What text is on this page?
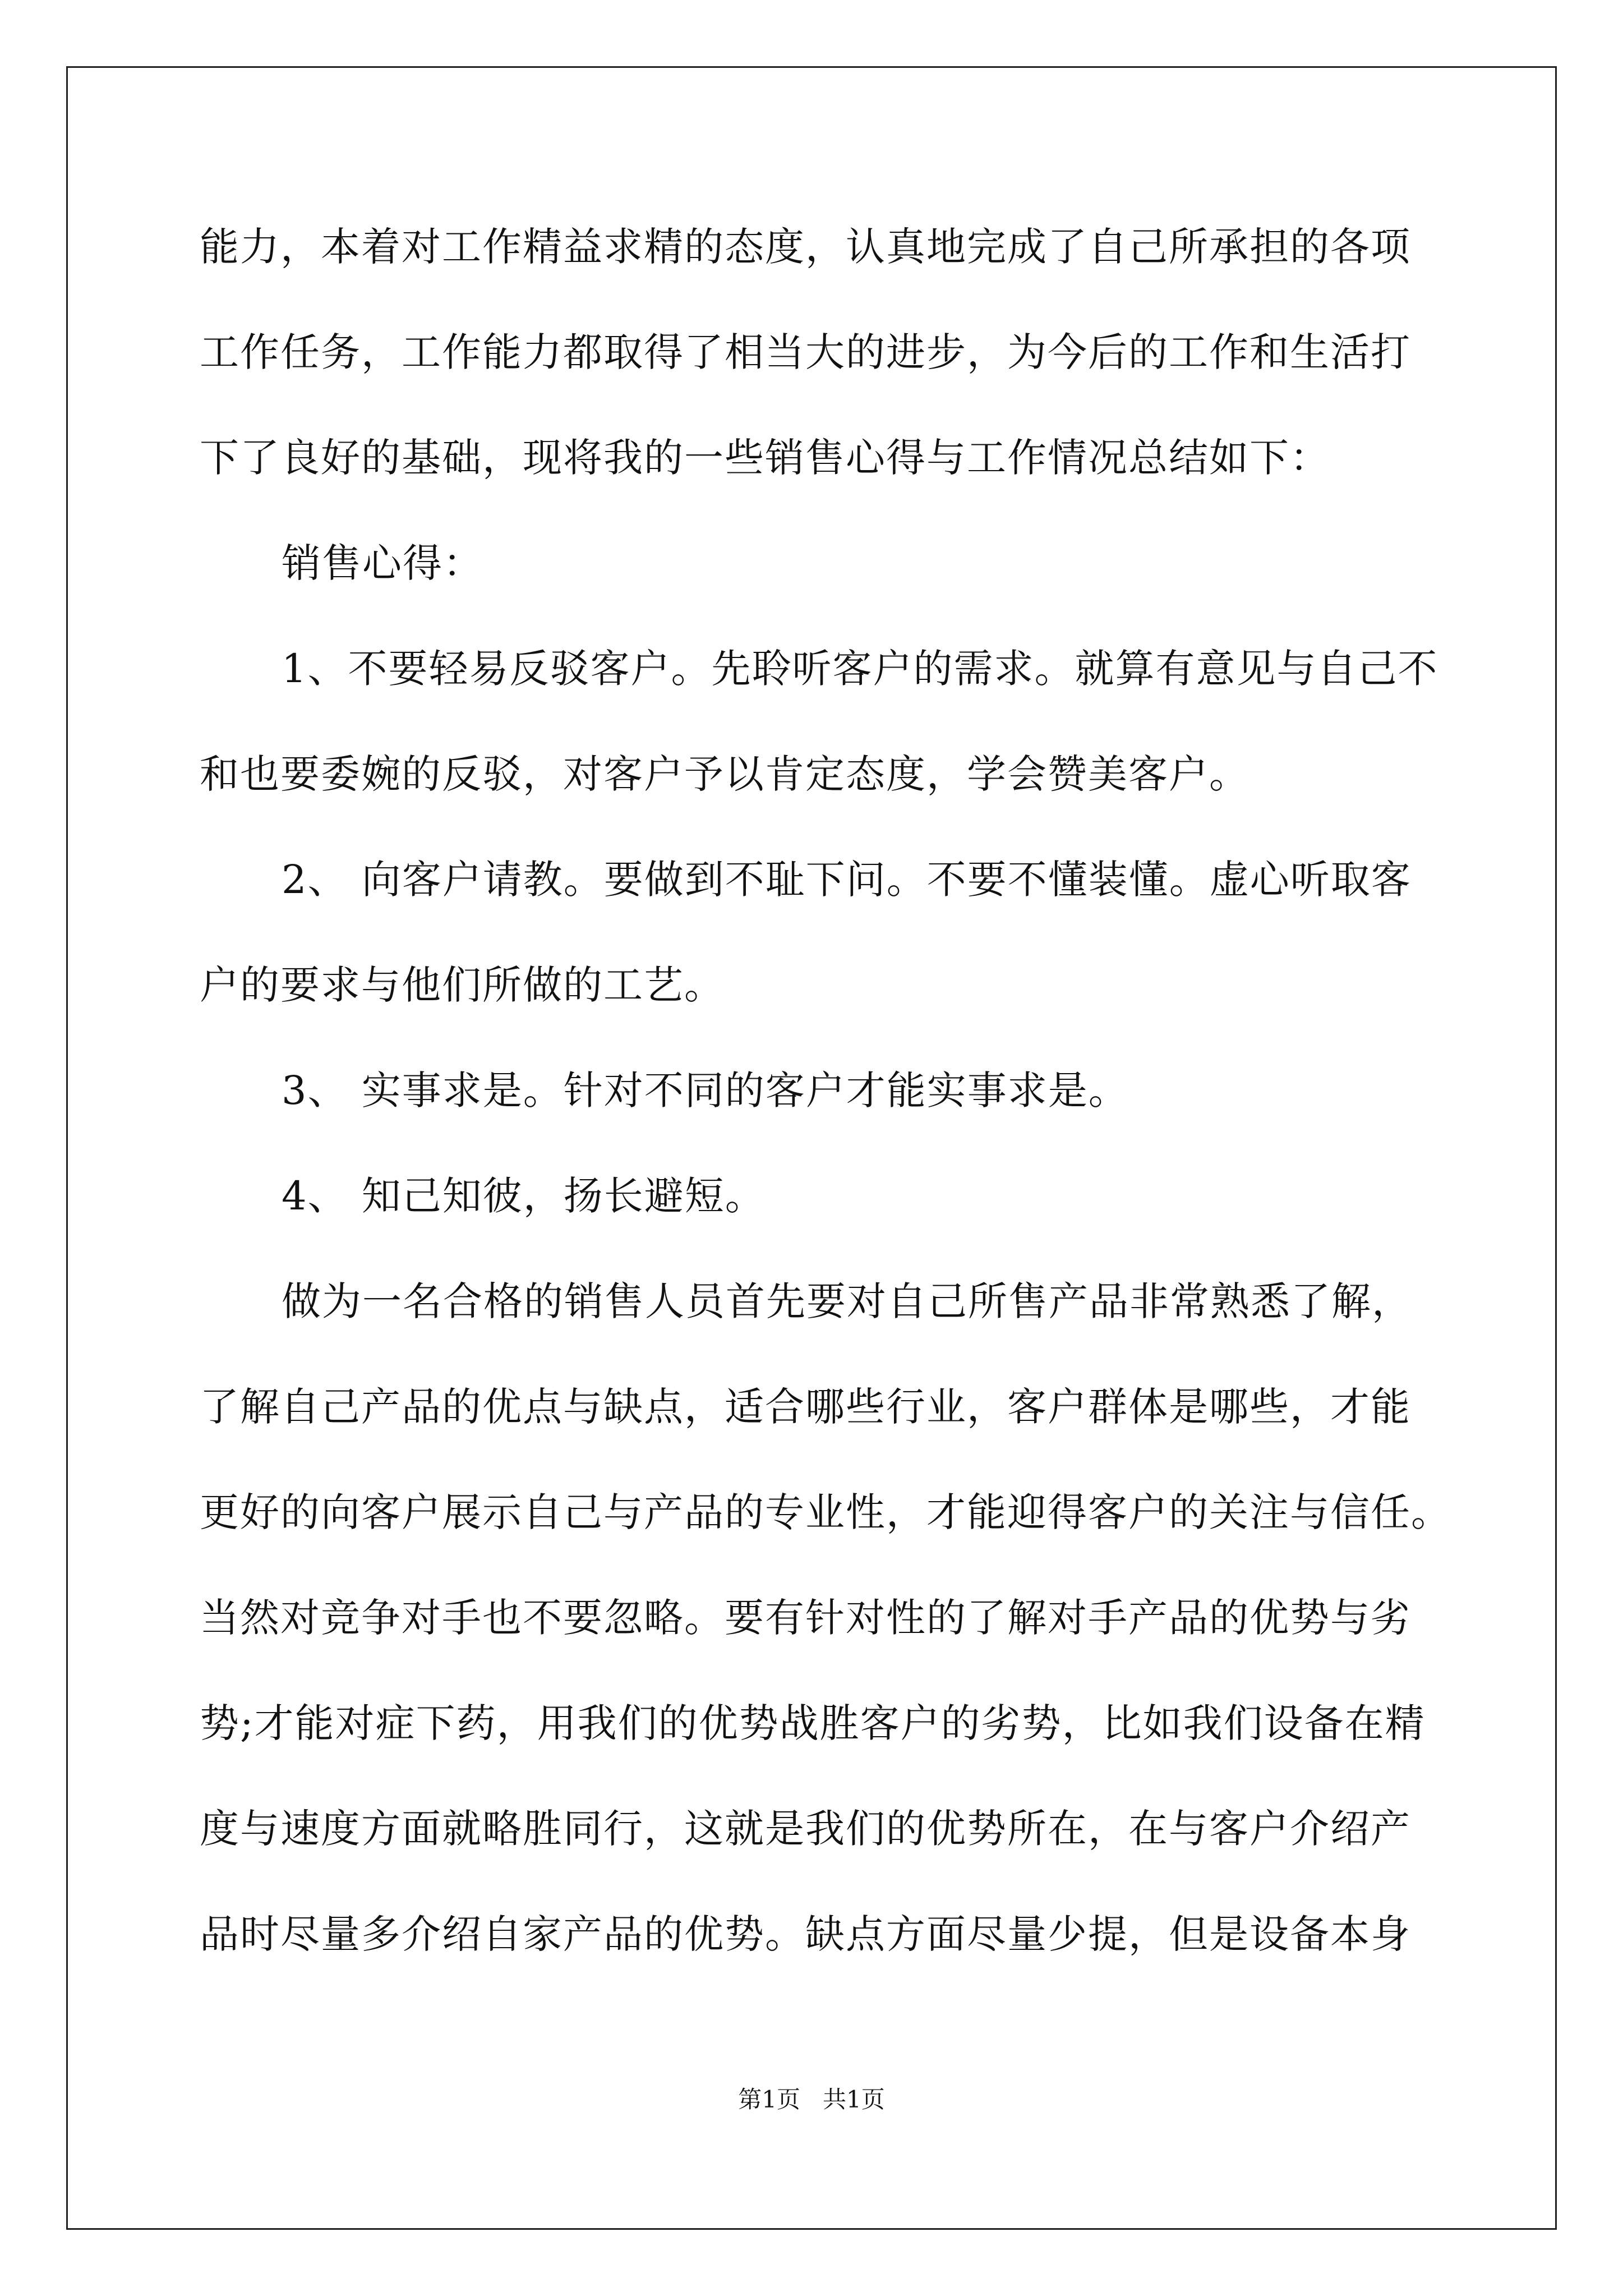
能力，本着对工作精益求精的态度，认真地完成了自己所承担的各项
工作任务，工作能力都取得了相当大的进步，为今后的工作和生活打
下了良好的基础，现将我的一些销售心得与工作情况总结如下：
销售心得：
1、不要轻易反驳客户。先聆听客户的需求。就算有意见与自己不
和也要委婉的反驳，对客户予以肯定态度，学会赞美客户。
2、 向客户请教。要做到不耻下问。不要不懂装懂。虚心听取客
户的要求与他们所做的工艺。
3、 实事求是。针对不同的客户才能实事求是。
4、 知己知彼，扬长避短。
做为一名合格的销售人员首先要对自己所售产品非常熟悉了解，
了解自己产品的优点与缺点，适合哪些行业，客户群体是哪些，才能
更好的向客户展示自己与产品的专业性，才能迎得客户的关注与信任。
当然对竞争对手也不要忽略。要有针对性的了解对手产品的优势与劣
势;才能对症下药，用我们的优势战胜客户的劣势，比如我们设备在精
度与速度方面就略胜同行，这就是我们的优势所在，在与客户介绍产
品时尽量多介绍自家产品的优势。缺点方面尽量少提，但是设备本身
第1页   共1页
